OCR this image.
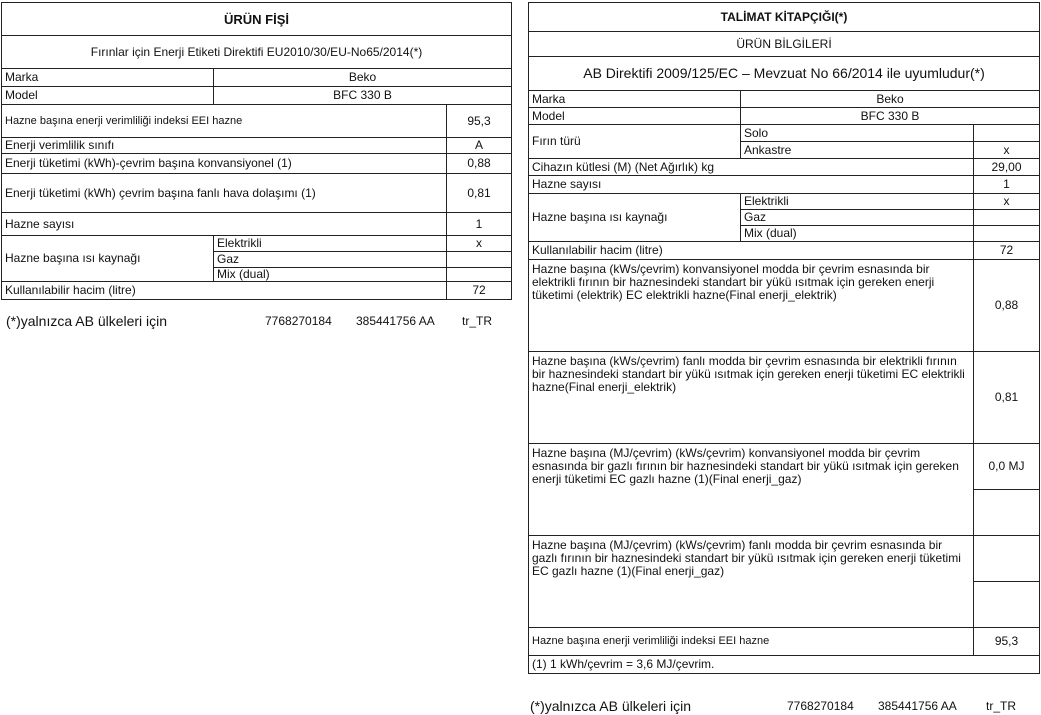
ÜRÜN FİŞİ		
Fırınlar için Enerji Etiketi Direktifi EU2010/30/EU-No65/2014(*)		
Marka	Beko	
Model	BFC 330 B	
Hazne başına enerji verimliliği indeksi EEI hazne		95,3
Enerji verimlilik sınıfı		A
Enerji tüketimi (kWh)-çevrim başına konvansiyonel (1)		0,88
Enerji tüketimi (kWh) çevrim başına fanlı hava dolaşımı (1)		0,81
Hazne sayısı		1
Hazne başına ısı kaynağı	Elektrikli	x
	Gaz	
	Mix (dual)	
Kullanılabilir hacim (litre)		72
(*)yalnızca AB ülkeleri için	7768270184 385441756 AA tr_TR
TALİMAT KİTAPÇIĞI(*)		
ÜRÜN BİLGİLERİ		
AB Direktifi 2009/125/EC – Mevzuat No 66/2014 ile uyumludur(*)		
Marka	Beko	
Model	BFC 330 B	
Fırın türü	Solo	
	Ankastre	x
Cihazın kütlesi (M) (Net Ağırlık) kg		29,00
Hazne sayısı		1
Hazne başına ısı kaynağı	Elektrikli	x
	Gaz	
	Mix (dual)	
Kullanılabilir hacim (litre)		72
Hazne başına (kWs/çevrim) konvansiyonel modda bir çevrim esnasında bir elektrikli fırının bir haznesindeki standart bir yükü ısıtmak için gereken enerji tüketimi (elektrik) EC elektrikli hazne(Final enerji_elektrik)		0,88
Hazne başına (kWs/çevrim) fanlı modda bir çevrim esnasında bir elektrikli fırının bir haznesindeki standart bir yükü ısıtmak için gereken enerji tüketimi EC elektrikli hazne(Final enerji_elektrik)		0,81
Hazne başına (MJ/çevrim) (kWs/çevrim) konvansiyonel modda bir çevrim esnasında bir gazlı fırının bir haznesindeki standart bir yükü ısıtmak için gereken enerji tüketimi EC gazlı hazne (1)(Final enerji_gaz)		0,0 MJ

Hazne başına (MJ/çevrim) (kWs/çevrim) fanlı modda bir çevrim esnasında bir gazlı fırının bir haznesindeki standart bir yükü ısıtmak için gereken enerji tüketimi EC gazlı hazne (1)(Final enerji_gaz)		

Hazne başına enerji verimliliği indeksi EEI hazne		95,3
(1) 1 kWh/çevrim = 3,6 MJ/çevrim.		
(*)yalnızca AB ülkeleri için	7768270184 385441756 AA tr_TR
